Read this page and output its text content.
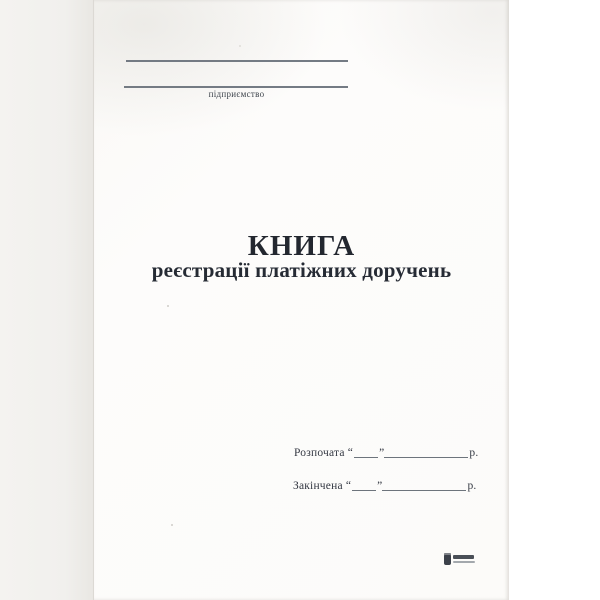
підприємство
КНИГА
реєстрації платіжних доручень
Розпочата “ ”	р.
Закінчена “ ”	р.
